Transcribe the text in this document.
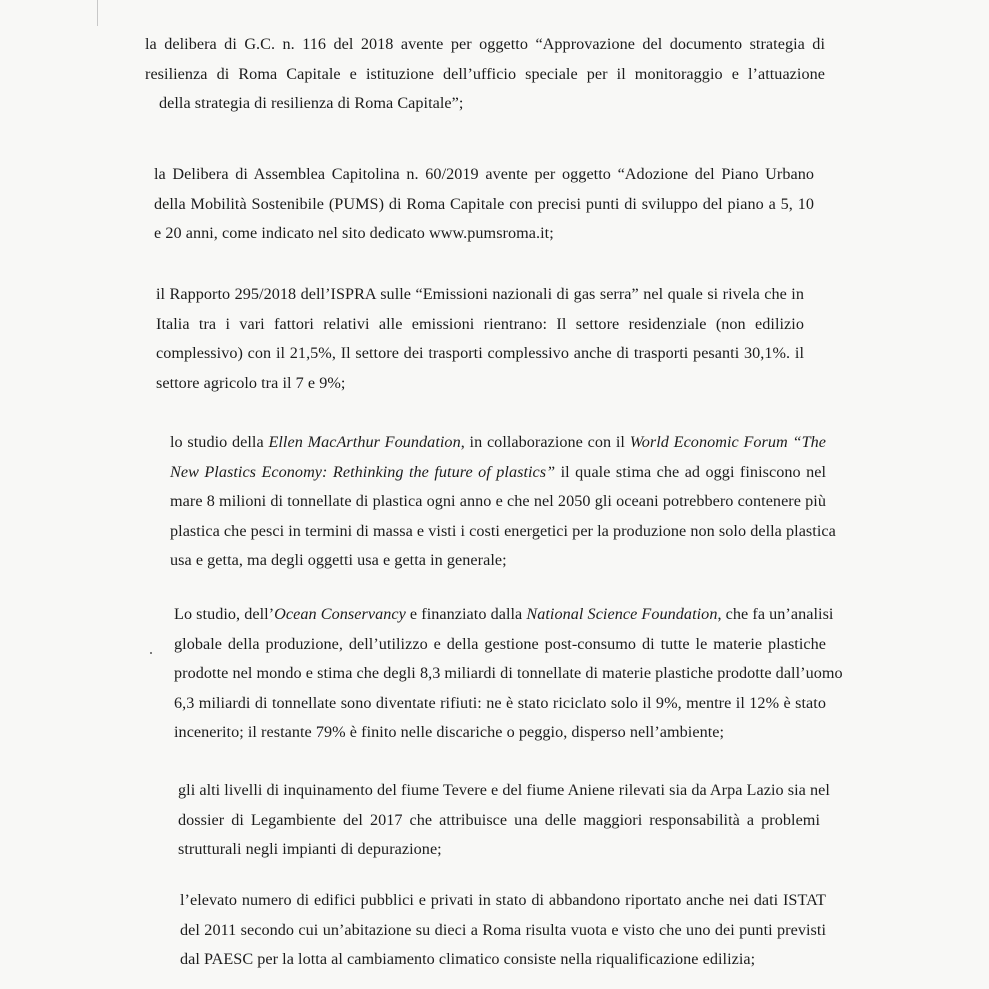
la delibera di G.C. n. 116 del 2018 avente per oggetto “Approvazione del documento strategia di
resilienza di Roma Capitale e istituzione dell’ufficio speciale per il monitoraggio e l’attuazione
della strategia di resilienza di Roma Capitale”;

la Delibera di Assemblea Capitolina n. 60/2019 avente per oggetto “Adozione del Piano Urbano
della Mobilità Sostenibile (PUMS) di Roma Capitale con precisi punti di sviluppo del piano a 5, 10
e 20 anni, come indicato nel sito dedicato www.pumsroma.it;

il Rapporto 295/2018 dell’ISPRA sulle “Emissioni nazionali di gas serra” nel quale si rivela che in
Italia tra i vari fattori relativi alle emissioni rientrano: Il settore residenziale (non edilizio
complessivo) con il 21,5%, Il settore dei trasporti complessivo anche di trasporti pesanti 30,1%. il
settore agricolo tra il 7 e 9%;

lo studio della Ellen MacArthur Foundation, in collaborazione con il World Economic Forum “The
New Plastics Economy: Rethinking the future of plastics” il quale stima che ad oggi finiscono nel
mare 8 milioni di tonnellate di plastica ogni anno e che nel 2050 gli oceani potrebbero contenere più
plastica che pesci in termini di massa e visti i costi energetici per la produzione non solo della plastica
usa e getta, ma degli oggetti usa e getta in generale;

Lo studio, dell’Ocean Conservancy e finanziato dalla National Science Foundation, che fa un’analisi
globale della produzione, dell’utilizzo e della gestione post-consumo di tutte le materie plastiche
prodotte nel mondo e stima che degli 8,3 miliardi di tonnellate di materie plastiche prodotte dall’uomo
6,3 miliardi di tonnellate sono diventate rifiuti: ne è stato riciclato solo il 9%, mentre il 12% è stato
incenerito; il restante 79% è finito nelle discariche o peggio, disperso nell’ambiente;

gli alti livelli di inquinamento del fiume Tevere e del fiume Aniene rilevati sia da Arpa Lazio sia nel
dossier di Legambiente del 2017 che attribuisce una delle maggiori responsabilità a problemi
strutturali negli impianti di depurazione;

l’elevato numero di edifici pubblici e privati in stato di abbandono riportato anche nei dati ISTAT
del 2011 secondo cui un’abitazione su dieci a Roma risulta vuota e visto che uno dei punti previsti
dal PAESC per la lotta al cambiamento climatico consiste nella riqualificazione edilizia;
